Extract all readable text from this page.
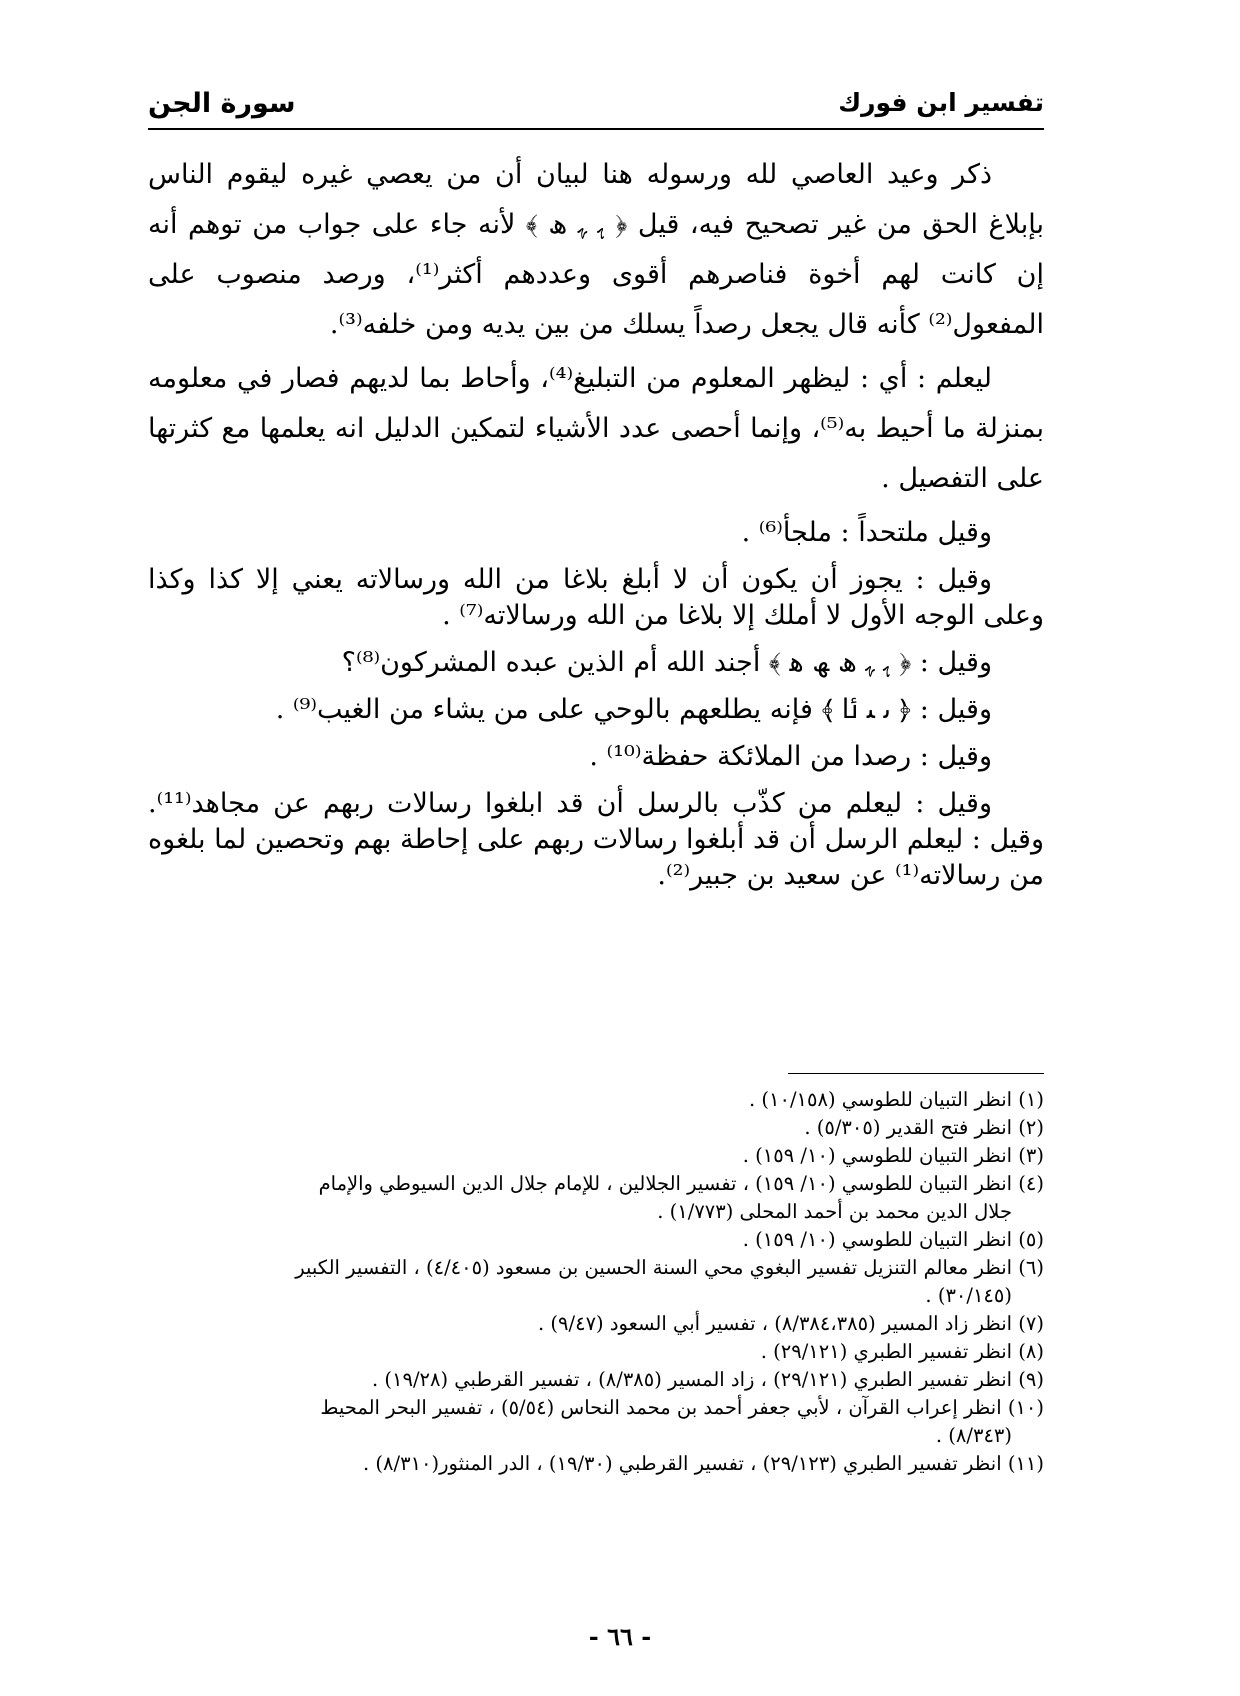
تفسير ابن فورك
سورة الجن

ذكر وعيد العاصي لله ورسوله هنا لبيان أن من يعصي غيره ليقوم الناس بإبلاغ الحق من غير تصحيح فيه، قيل ﴿ ﮨ ﮩ ﮪ ﴾ لأنه جاء على جواب من توهم أنه إن كانت لهم أخوة فناصرهم أقوى وعددهم أكثر⁽¹⁾، ورصد منصوب على المفعول⁽²⁾ كأنه قال يجعل رصداً يسلك من بين يديه ومن خلفه⁽³⁾.

ليعلم : أي : ليظهر المعلوم من التبليغ⁽⁴⁾، وأحاط بما لديهم فصار في معلومه بمنزلة ما أحيط به⁽⁵⁾، وإنما أحصى عدد الأشياء لتمكين الدليل انه يعلمها مع كثرتها على التفصيل .

وقيل ملتحداً : ملجأ⁽⁶⁾ .

وقيل : يجوز أن يكون أن لا أبلغ بلاغا من الله ورسالاته يعني إلا كذا وكذا وعلى الوجه الأول لا أملك إلا بلاغا من الله ورسالاته⁽⁷⁾ .

وقيل : ﴿ ﮨ ﮩ ﮪ ﮫ ﮬ ﴾ أجند الله أم الذين عبده المشركون⁽⁸⁾؟

وقيل : ﴿ ﯨ ﯩ ﯪ ﴾ فإنه يطلعهم بالوحي على من يشاء من الغيب⁽⁹⁾ .

وقيل : رصدا من الملائكة حفظة⁽¹⁰⁾ .

وقيل : ليعلم من كذّب بالرسل أن قد ابلغوا رسالات ربهم عن مجاهد⁽¹¹⁾. وقيل : ليعلم الرسل أن قد أبلغوا رسالات ربهم على إحاطة بهم وتحصين لما بلغوه من رسالاته⁽¹⁾ عن سعيد بن جبير⁽²⁾.

(١) انظر التبيان للطوسي (١٠/١٥٨) .
(٢) انظر فتح القدير (٥/٣٠٥) .
(٣) انظر التبيان للطوسي (١٠/ ١٥٩) .
(٤) انظر التبيان للطوسي (١٠/ ١٥٩) ، تفسير الجلالين ، للإمام جلال الدين السيوطي والإمام
جلال الدين محمد بن أحمد المحلى (١/٧٧٣) .
(٥) انظر التبيان للطوسي (١٠/ ١٥٩) .
(٦) انظر معالم التنزيل تفسير البغوي محي السنة الحسين بن مسعود (٤/٤٠٥) ، التفسير الكبير
(٣٠/١٤٥) .
(٧) انظر زاد المسير (٨/٣٨٤،٣٨٥) ، تفسير أبي السعود (٩/٤٧) .
(٨) انظر تفسير الطبري (٢٩/١٢١) .
(٩) انظر تفسير الطبري (٢٩/١٢١) ، زاد المسير (٨/٣٨٥) ، تفسير القرطبي (١٩/٢٨) .
(١٠) انظر إعراب القرآن ، لأبي جعفر أحمد بن محمد النحاس (٥/٥٤) ، تفسير البحر المحيط
(٨/٣٤٣) .
(١١) انظر تفسير الطبري (٢٩/١٢٣) ، تفسير القرطبي (١٩/٣٠) ، الدر المنثور(٨/٣١٠) .
- ٦٦ -
